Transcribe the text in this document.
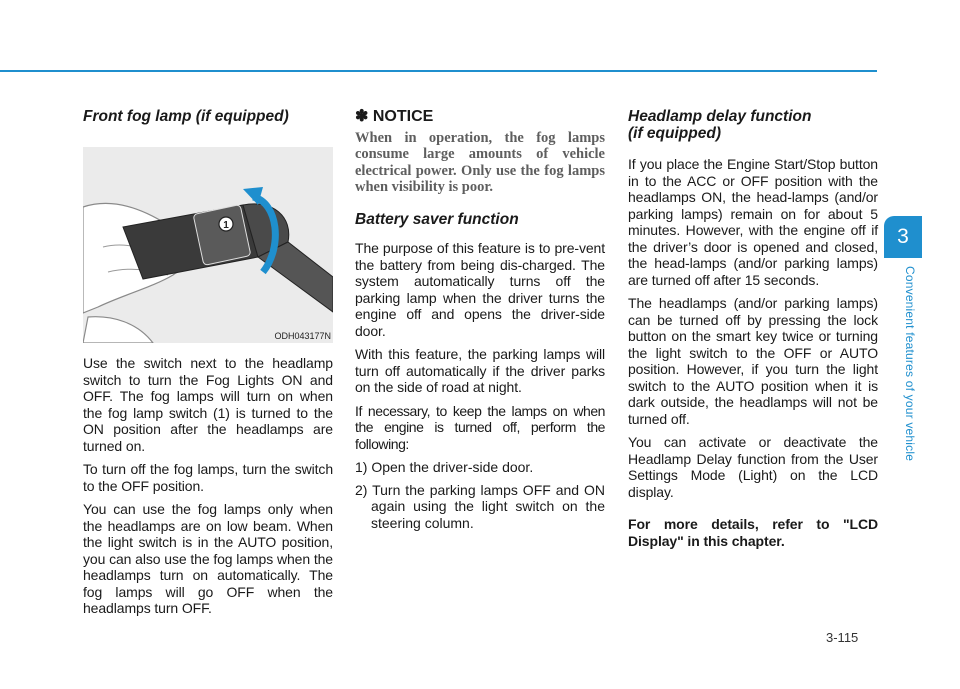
Front fog lamp (if equipped)
1
ODH043177N

Use the switch next to the headlamp switch to turn the Fog Lights ON and OFF. The fog lamps will turn on when the fog lamp switch (1) is turned to the ON position after the headlamps are turned on.

To turn off the fog lamps, turn the switch to the OFF position.

You can use the fog lamps only when the headlamps are on low beam. When the light switch is in the AUTO position, you can also use the fog lamps when the headlamps turn on automatically. The fog lamps will go OFF when the headlamps turn OFF.

✽ NOTICE
When in operation, the fog lamps consume large amounts of vehicle electrical power. Only use the fog lamps when visibility is poor.
Battery saver function

The purpose of this feature is to pre-vent the battery from being dis-charged. The system automatically turns off the parking lamp when the driver turns the engine off and opens the driver-side door.

With this feature, the parking lamps will turn off automatically if the driver parks on the side of road at night.

If necessary, to keep the lamps on when the engine is turned off, perform the following:

1) Open the driver-side door.

2) Turn the parking lamps OFF and ON again using the light switch on the steering column.

Headlamp delay function
(if equipped)

If you place the Engine Start/Stop button in to the ACC or OFF position with the headlamps ON, the head-lamps (and/or parking lamps) remain on for about 5 minutes. However, with the engine off if the driver’s door is opened and closed, the head-lamps (and/or parking lamps) are turned off after 15 seconds.

The headlamps (and/or parking lamps) can be turned off by pressing the lock button on the smart key twice or turning the light switch to the OFF or AUTO position. However, if you turn the light switch to the AUTO position when it is dark outside, the headlamps will not be turned off.

You can activate or deactivate the Headlamp Delay function from the User Settings Mode (Light) on the LCD display.

For more details, refer to "LCD Display" in this chapter.

3
Convenient features of your vehicle
3-115
